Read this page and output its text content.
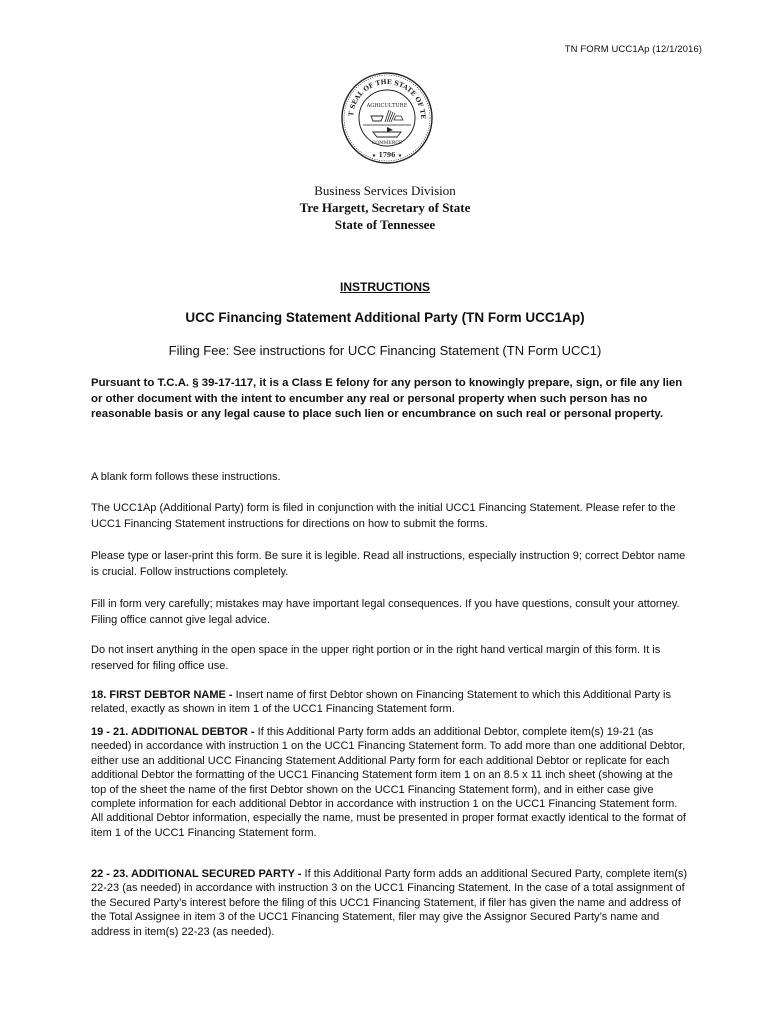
TN FORM UCC1Ap (12/1/2016)
T SEAL OF THE STATE OF TE
AGRICULTURE
COMMERCE
1796
★	★
Business Services Division
Tre Hargett, Secretary of State
State of Tennessee
INSTRUCTIONS
UCC Financing Statement Additional Party (TN Form UCC1Ap)
Filing Fee: See instructions for UCC Financing Statement (TN Form UCC1)
Pursuant to T.C.A. § 39-17-117, it is a Class E felony for any person to knowingly prepare, sign, or file any lien or other document with the intent to encumber any real or personal property when such person has no reasonable basis or any legal cause to place such lien or encumbrance on such real or personal property.
A blank form follows these instructions.
The UCC1Ap (Additional Party) form is filed in conjunction with the initial UCC1 Financing Statement. Please refer to the UCC1 Financing Statement instructions for directions on how to submit the forms.
Please type or laser-print this form. Be sure it is legible. Read all instructions, especially instruction 9; correct Debtor name is crucial. Follow instructions completely.
Fill in form very carefully; mistakes may have important legal consequences. If you have questions, consult your attorney. Filing office cannot give legal advice.
Do not insert anything in the open space in the upper right portion or in the right hand vertical margin of this form. It is reserved for filing office use.
18. FIRST DEBTOR NAME - Insert name of first Debtor shown on Financing Statement to which this Additional Party is related, exactly as shown in item 1 of the UCC1 Financing Statement form.
19 - 21. ADDITIONAL DEBTOR - If this Additional Party form adds an additional Debtor, complete item(s) 19-21 (as needed) in accordance with instruction 1 on the UCC1 Financing Statement form. To add more than one additional Debtor, either use an additional UCC Financing Statement Additional Party form for each additional Debtor or replicate for each additional Debtor the formatting of the UCC1 Financing Statement form item 1 on an 8.5 x 11 inch sheet (showing at the top of the sheet the name of the first Debtor shown on the UCC1 Financing Statement form), and in either case give complete information for each additional Debtor in accordance with instruction 1 on the UCC1 Financing Statement form. All additional Debtor information, especially the name, must be presented in proper format exactly identical to the format of item 1 of the UCC1 Financing Statement form.
22 - 23. ADDITIONAL SECURED PARTY - If this Additional Party form adds an additional Secured Party, complete item(s) 22-23 (as needed) in accordance with instruction 3 on the UCC1 Financing Statement. In the case of a total assignment of the Secured Party’s interest before the filing of this UCC1 Financing Statement, if filer has given the name and address of the Total Assignee in item 3 of the UCC1 Financing Statement, filer may give the Assignor Secured Party’s name and address in item(s) 22-23 (as needed).
